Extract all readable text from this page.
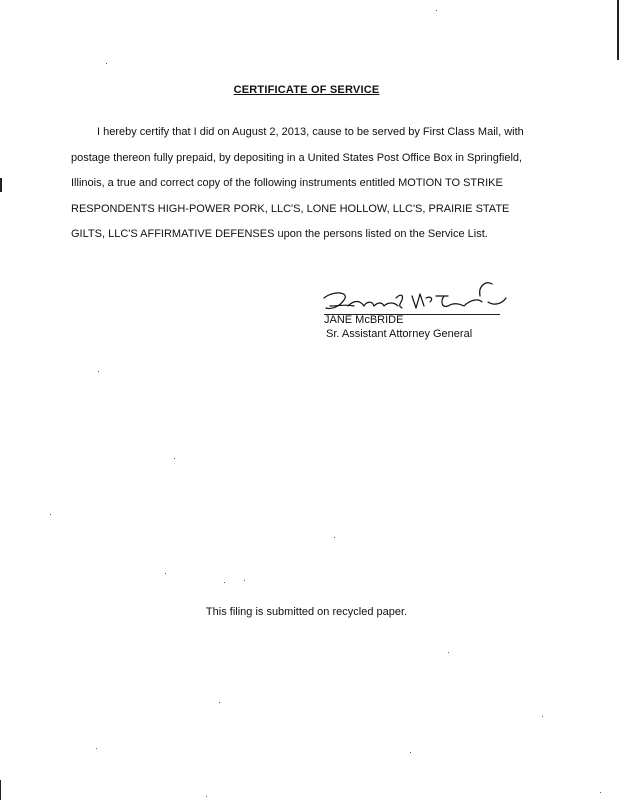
CERTIFICATE OF SERVICE
I hereby certify that I did on August 2, 2013, cause to be served by First Class Mail, with
postage thereon fully prepaid, by depositing in a United States Post Office Box in Springfield,
Illinois, a true and correct copy of the following instruments entitled MOTION TO STRIKE
RESPONDENTS HIGH-POWER PORK, LLC'S, LONE HOLLOW, LLC'S, PRAIRIE STATE
GILTS, LLC'S AFFIRMATIVE DEFENSES upon the persons listed on the Service List.
JANE McBRIDE
Sr. Assistant Attorney General
This filing is submitted on recycled paper.
